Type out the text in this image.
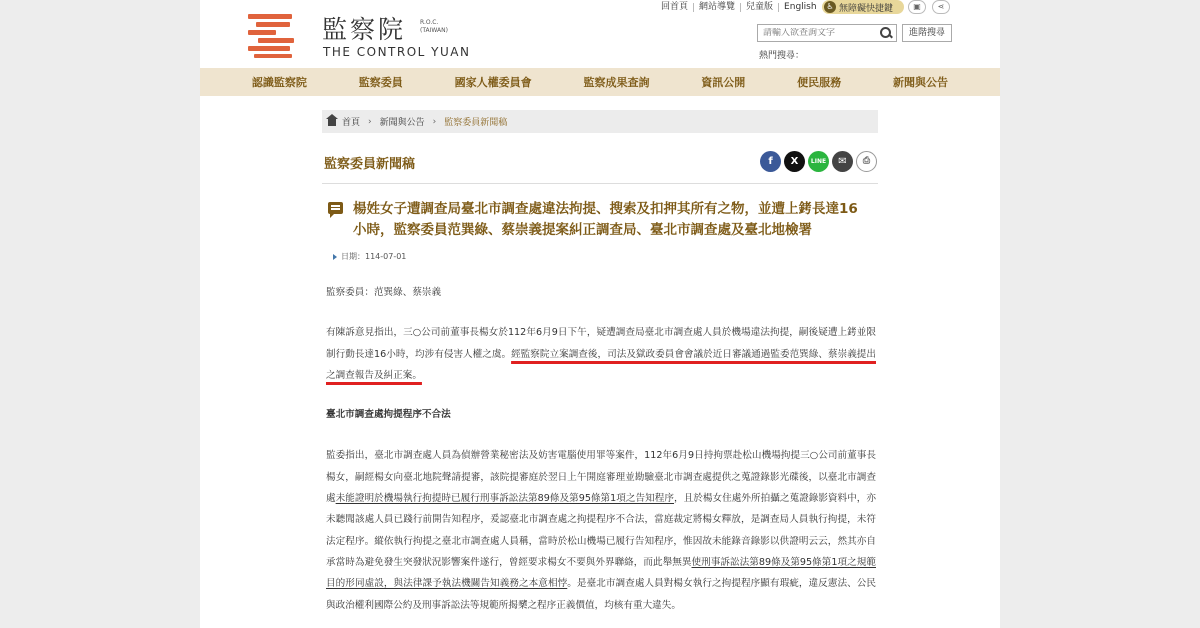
監察院 R.O.C.
(TAIWAN)
THE CONTROL YUAN
回首頁	網站導覽	兒童版	English	♿ 無障礙快捷鍵	▣	⋖
請輸入欲查詢文字
進階搜尋
熱門搜尋：
認識監察院	監察委員	國家人權委員會	監察成果查詢	資訊公開	便民服務	新聞與公告
首頁 › 新聞與公告 › 監察委員新聞稿
監察委員新聞稿	f	X	LINE	✉	⎙
楊姓女子遭調查局臺北市調查處違法拘提、搜索及扣押其所有之物，並遭上銬長達16小時，監察委員范巽綠、蔡崇義提案糾正調查局、臺北市調查處及臺北地檢署
日期：114-07-01

監察委員：范巽綠、蔡崇義

有陳訴意見指出，三○公司前董事長楊女於112年6月9日下午，疑遭調查局臺北市調查處人員於機場違法拘提，嗣後疑遭上銬並限制行動長達16小時，均涉有侵害人權之虞。經監察院立案調查後，司法及獄政委員會會議於近日審議通過監委范巽綠、蔡崇義提出之調查報告及糾正案。

臺北市調查處拘提程序不合法

監委指出，臺北市調查處人員為偵辦營業秘密法及妨害電腦使用罪等案件，112年6月9日持拘票赴松山機場拘提三○公司前董事長楊女，嗣經楊女向臺北地院聲請提審，該院提審庭於翌日上午開庭審理並勘驗臺北市調查處提供之蒐證錄影光碟後，以臺北市調查處未能證明於機場執行拘提時已履行刑事訴訟法第89條及第95條第1項之告知程序，且於楊女住處外所拍攝之蒐證錄影資料中，亦未聽聞該處人員已踐行前開告知程序，爰認臺北市調查處之拘提程序不合法，當庭裁定將楊女釋放，是調查局人員執行拘提，未符法定程序。縱依執行拘提之臺北市調查處人員稱，當時於松山機場已履行告知程序，惟因故未能錄音錄影以供證明云云，然其亦自承當時為避免發生突發狀況影響案件遂行，曾經要求楊女不要與外界聯絡，而此舉無異使刑事訴訟法第89條及第95條第1項之規範目的形同虛設，與法律課予執法機關告知義務之本意相悖。是臺北市調查處人員對楊女執行之拘提程序顯有瑕疵，違反憲法、公民與政治權利國際公約及刑事訴訟法等規範所揭櫫之程序正義價值，均核有重大違失。
